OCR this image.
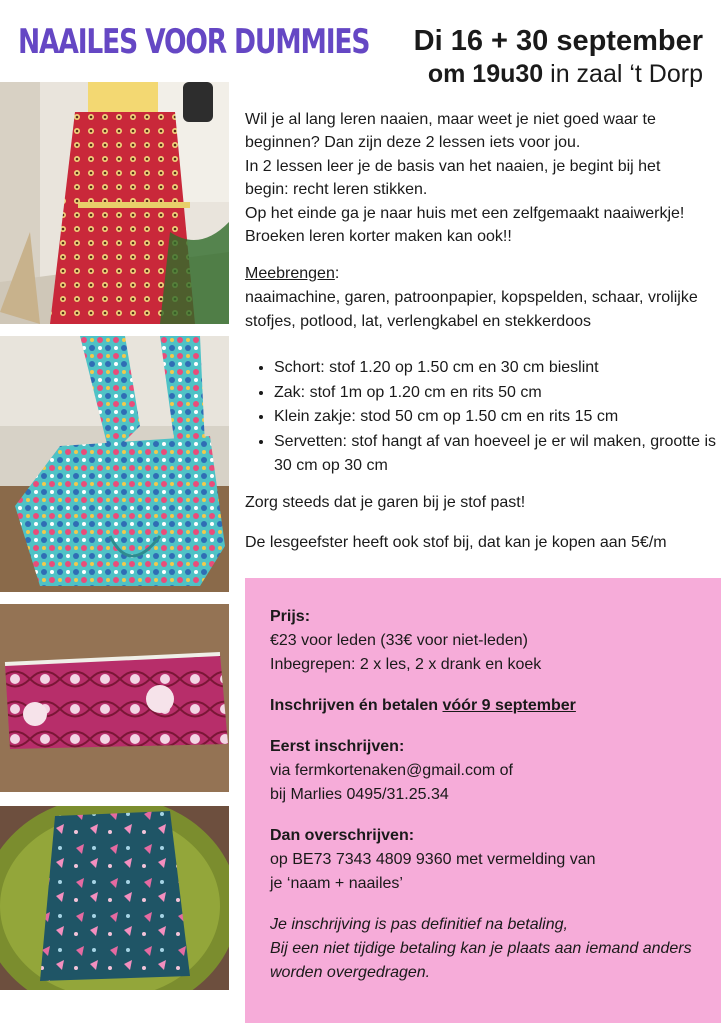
NAAILES VOOR DUMMIES Di 16 + 30 september
om 19u30 in zaal ‘t Dorp

Wil je al lang leren naaien, maar weet je niet goed waar te beginnen? Dan zijn deze 2 lessen iets voor jou.

In 2 lessen leer je de basis van het naaien, je begint bij het begin: recht leren stikken.

Op het einde ga je naar huis met een zelfgemaakt naaiwerkje!

Broeken leren korter maken kan ook!!

Meebrengen:

naaimachine, garen, patroonpapier, kopspelden, schaar, vrolijke stofjes, potlood, lat, verlengkabel en stekkerdoos

• Schort: stof 1.20 op 1.50 cm en 30 cm bieslint
• Zak: stof 1m op 1.20 cm en rits 50 cm
• Klein zakje: stod 50 cm op 1.50 cm en rits 15 cm
• Servetten: stof hangt af van hoeveel je er wil maken, grootte is 30 cm op 30 cm

Zorg steeds dat je garen bij je stof past!

De lesgeefster heeft ook stof bij, dat kan je kopen aan 5€/m

Prijs:

€23 voor leden (33€ voor niet-leden)

Inbegrepen: 2 x les, 2 x drank en koek

Inschrijven én betalen vóór 9 september

Eerst inschrijven:

via fermkortenaken@gmail.com of

bij Marlies 0495/31.25.34

Dan overschrijven:

op BE73 7343 4809 9360 met vermelding van

je ‘naam + naailes’

Je inschrijving is pas definitief na betaling,

Bij een niet tijdige betaling kan je plaats aan iemand anders

worden overgedragen.
